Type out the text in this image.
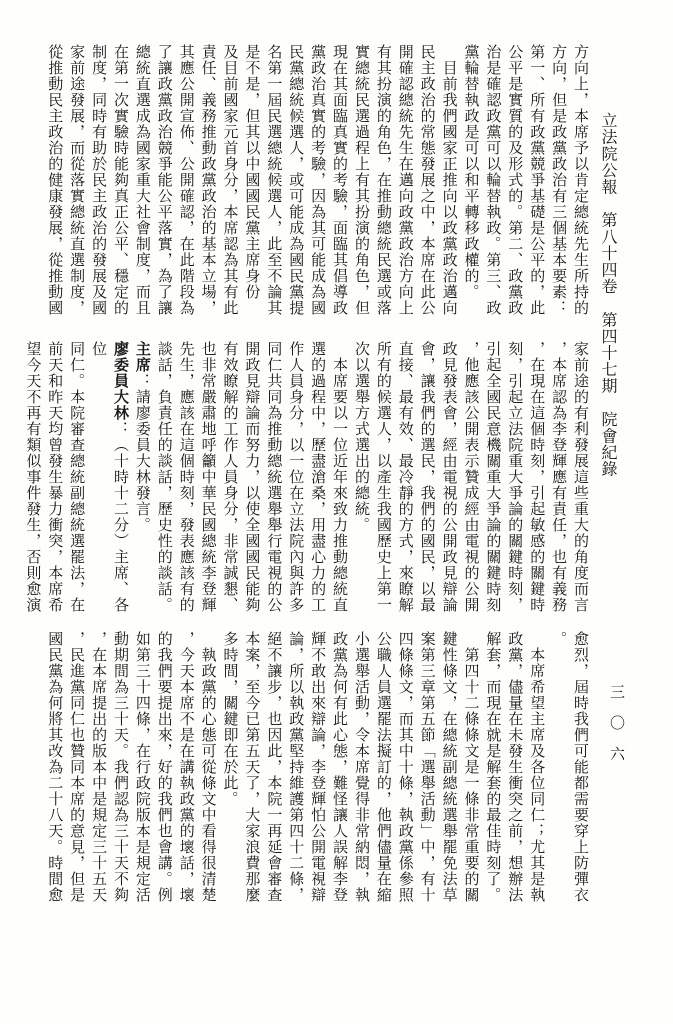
立法院公報　第八十四卷　第四十七期　院會紀錄
三〇六
方向上，本席予以肯定總統先生所持的
方向，但是政黨政治有三個基本要素：
第一、所有政黨競爭基礎是公平的，此
公平是實質的及形式的。第二、政黨政
治是確認政黨可以輪替執政。第三、政
黨輪替執政是可以和平轉移政權的。
　目前我們國家正推向以政黨政治邁向
民主政治的常態發展之中，本席在此公
開確認總統先生在邁向政黨政治方向上
有其扮演的角色，在推動總統民選或落
實總統民選過程上有其扮演的角色，但
現在其面臨真實的考驗，面臨其倡導政
黨政治真實的考驗，因為其可能成為國
民黨總統候選人，或可能成為國民黨提
名第一屆民選總統候選人，此至不論其
是不是，但其以中國國民黨主席身份
及目前國家元首身分，本席認為其有此
責任、義務推動政黨政治的基本立場，
其應公開宣佈、公開確認，在此階段為
了讓政黨政治競爭能公平落實，為了讓
總統直選成為國家重大社會制度，而且
在第一次實驗時能夠真正公平、穩定的
制度，同時有助於民主政治的發展及國
家前途發展，而從落實總統直選制度，
從推動民主政治的健康發展，從推動國
家前途的有利發展這些重大的角度而言
，本席認為李登輝應有責任，也有義務
，在現在這個時刻，引起敏感的關鍵時
刻，引起立法院重大爭論的關鍵時刻，
引起全國民意機關重大爭論的關鍵時刻
，他應該公開表示贊成經由電視的公開
政見發表會，經由電視的公開政見辯論
會，讓我們的選民，我們的國民，以最
直接、最有效、最冷靜的方式，來瞭解
所有的候選人，以產生我國歷史上第一
次以選舉方式選出的總統。
　本席要以一位近年來致力推動總統直
選的過程中，歷盡滄桑，用盡心力的工
作人員身分，以一位在立法院內與許多
同仁共同為推動總統選舉舉行電視的公
開政見辯論而努力，以使全國國民能夠
有效瞭解的工作人員身分，非常誠懇、
也非常嚴肅地呼籲中華民國總統李登輝
先生，應該在這個時刻，發表應該有的
談話，負責任的談話，歷史性的談話。
主席：請廖委員大林發言。
廖委員大林：（十時十二分）主席、各位
同仁。本院審查總統副總統選罷法，在
前天和昨天均曾發生暴力衝突，本席希
望今天不再有類似事件發生，否則愈演
愈烈，屆時我們可能都需要穿上防彈衣
。
　本席希望主席及各位同仁；尤其是執
政黨，儘量在未發生衝突之前，想辦法
解套，而現在就是解套的最佳時刻了。
　第四十二條條文是一條非常重要的關
鍵性條文，在總統副總統選舉罷免法草
案第三章第五節「選舉活動」中，有十
四條條文，而其中十條，執政黨係參照
公職人員選罷法擬訂的，他們儘量在縮
小選舉活動，令本席覺得非常納悶，執
政黨為何有此心態，難怪讓人誤解李登
輝不敢出來辯論，李登輝怕公開電視辯
論，所以執政黨堅持維護第四十二條，
絕不讓步，也因此，本院一再延會審查
本案，至今已第五天了，大家浪費那麼
多時間，關鍵即在於此。
　執政黨的心態可從條文中看得很清楚
，今天本席不是在講執政黨的壞話，壞
的我們要提出來，好的我們也會講。例
如第三十四條，在行政院版本是規定活
動期間為三十天。我們認為三十天不夠
，在本席提出的版本中是規定三十五天
，民進黨同仁也贊同本席的意見，但是
國民黨為何將其改為二十八天。時間愈
